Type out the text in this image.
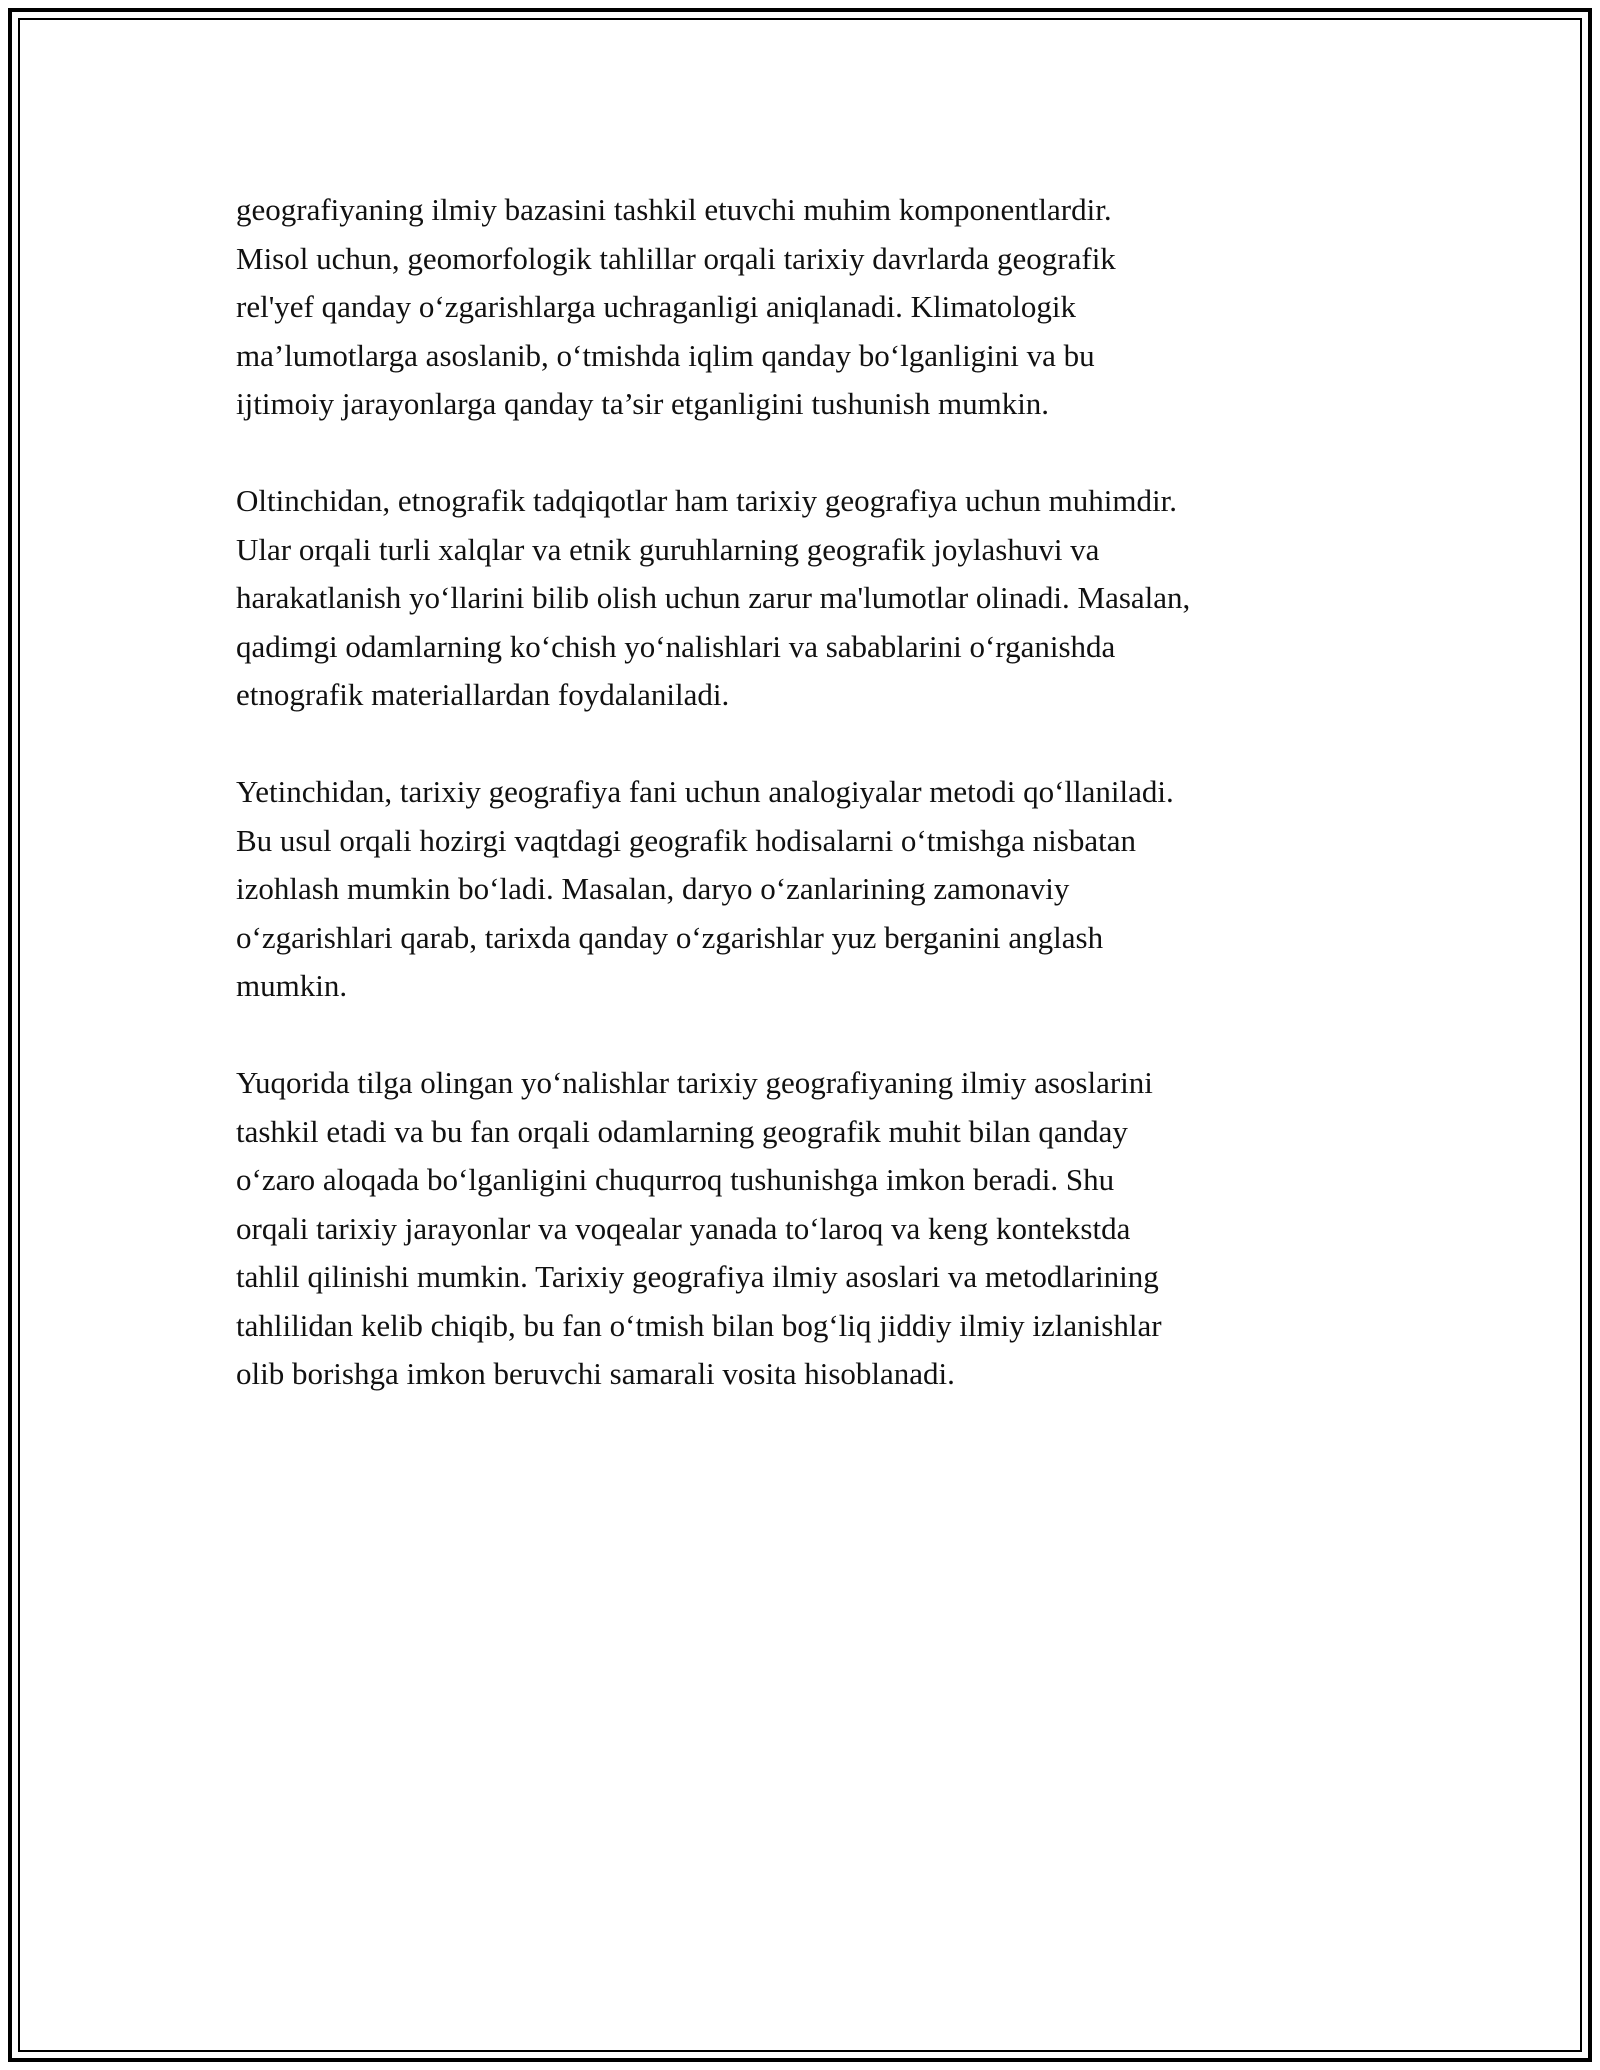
geografiyaning ilmiy bazasini tashkil etuvchi muhim komponentlardir.
Misol uchun, geomorfologik tahlillar orqali tarixiy davrlarda geografik
rel'yef qanday o‘zgarishlarga uchraganligi aniqlanadi. Klimatologik
ma’lumotlarga asoslanib, o‘tmishda iqlim qanday bo‘lganligini va bu
ijtimoiy jarayonlarga qanday ta’sir etganligini tushunish mumkin.

Oltinchidan, etnografik tadqiqotlar ham tarixiy geografiya uchun muhimdir.
Ular orqali turli xalqlar va etnik guruhlarning geografik joylashuvi va
harakatlanish yo‘llarini bilib olish uchun zarur ma'lumotlar olinadi. Masalan,
qadimgi odamlarning ko‘chish yo‘nalishlari va sabablarini o‘rganishda
etnografik materiallardan foydalaniladi.

Yetinchidan, tarixiy geografiya fani uchun analogiyalar metodi qo‘llaniladi.
Bu usul orqali hozirgi vaqtdagi geografik hodisalarni o‘tmishga nisbatan
izohlash mumkin bo‘ladi. Masalan, daryo o‘zanlarining zamonaviy
o‘zgarishlari qarab, tarixda qanday o‘zgarishlar yuz berganini anglash
mumkin.

Yuqorida tilga olingan yo‘nalishlar tarixiy geografiyaning ilmiy asoslarini
tashkil etadi va bu fan orqali odamlarning geografik muhit bilan qanday
o‘zaro aloqada bo‘lganligini chuqurroq tushunishga imkon beradi. Shu
orqali tarixiy jarayonlar va voqealar yanada to‘laroq va keng kontekstda
tahlil qilinishi mumkin. Tarixiy geografiya ilmiy asoslari va metodlarining
tahlilidan kelib chiqib, bu fan o‘tmish bilan bog‘liq jiddiy ilmiy izlanishlar
olib borishga imkon beruvchi samarali vosita hisoblanadi.
